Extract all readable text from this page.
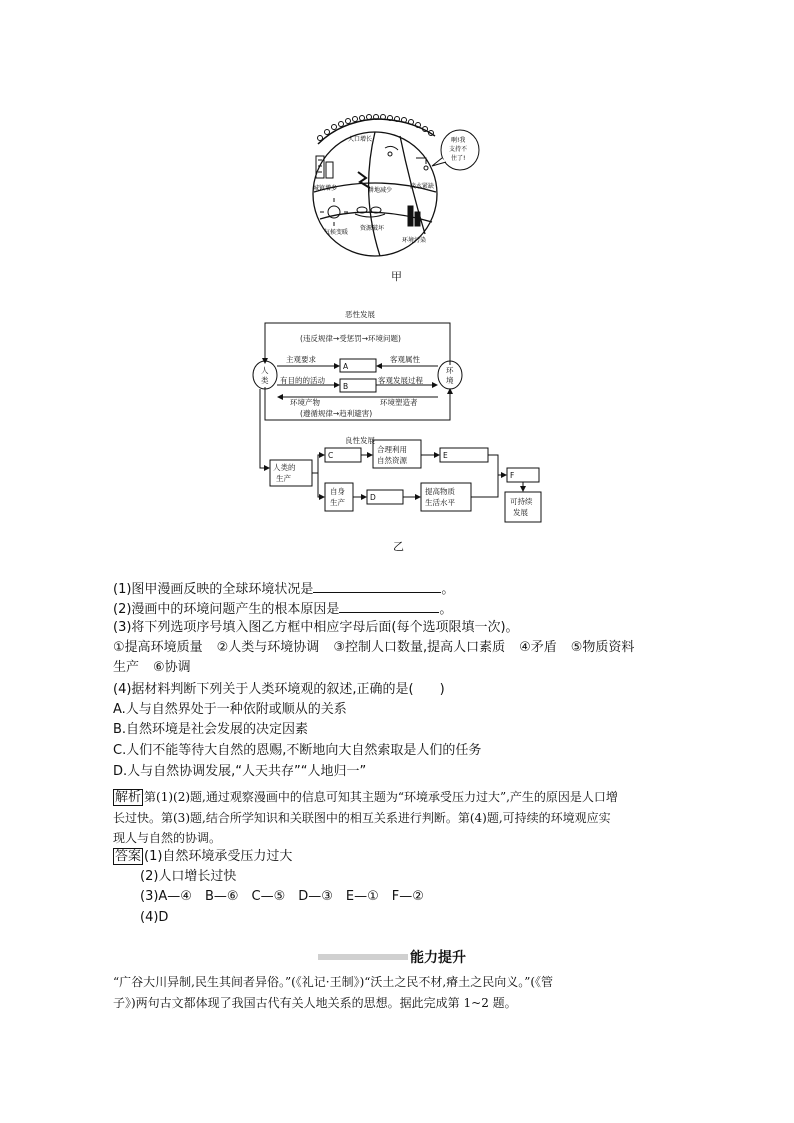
人口增长
城镇增多	耕地减少
淡水紧缺
气候变暖
资源破坏
环境污染
啊!我
支持不
住了!
甲
恶性发展
(违反规律→受惩罚→环境问题)
良性发展
(遵循规律→趋利避害)
人
类
环
境
主观要求	客观属性
有目的的活动	客观发展过程
环境产物	环境塑造者
A
B
人类的
生产
C
合理利用
自然资源
E
F
自身
生产
D
提高物质
生活水平	可持续
发展
乙
(1)图甲漫画反映的全球环境状况是	。
(2)漫画中的环境问题产生的根本原因是	。
(3)将下列选项序号填入图乙方框中相应字母后面(每个选项限填一次)。
①提高环境质量 ②人类与环境协调 ③控制人口数量,提高人口素质 ④矛盾 ⑤物质资料
生产 ⑥协调
(4)据材料判断下列关于人类环境观的叙述,正确的是(　　)
A.人与自然界处于一种依附或顺从的关系
B.自然环境是社会发展的决定因素
C.人们不能等待大自然的恩赐,不断地向大自然索取是人们的任务
D.人与自然协调发展,“人天共存”“人地归一”
解析 第(1)(2)题,通过观察漫画中的信息可知其主题为“环境承受压力过大”,产生的原因是人口增
长过快。第(3)题,结合所学知识和关联图中的相互关系进行判断。第(4)题,可持续的环境观应实
现人与自然的协调。
答案 (1)自然环境承受压力过大
(2)人口增长过快
(3)A—④　B—⑥　C—⑤　D—③　E—①　F—②
(4)D
能力提升
“广谷大川异制,民生其间者异俗。”(《礼记·王制》)“沃土之民不材,瘠土之民向义。”(《管
子》)两句古文都体现了我国古代有关人地关系的思想。据此完成第 1~2 题。
